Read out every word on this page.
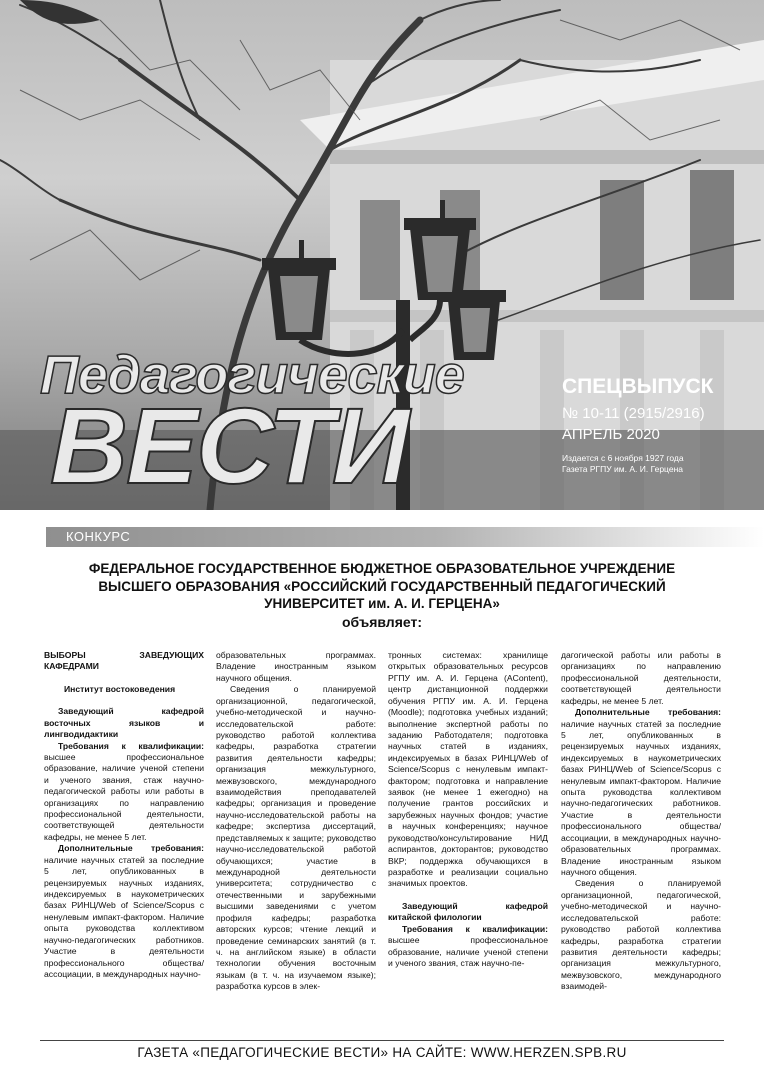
Педагогические
ВЕСТИ	СПЕЦВЫПУСК
№ 10-11 (2915/2916)
АПРЕЛЬ 2020
Издается с 6 ноября 1927 года
Газета РГПУ им. А. И. Герцена
КОНКУРС
ФЕДЕРАЛЬНОЕ ГОСУДАРСТВЕННОЕ БЮДЖЕТНОЕ ОБРАЗОВАТЕЛЬНОЕ УЧРЕЖДЕНИЕ
ВЫСШЕГО ОБРАЗОВАНИЯ «РОССИЙСКИЙ ГОСУДАРСТВЕННЫЙ ПЕДАГОГИЧЕСКИЙ
УНИВЕРСИТЕТ им. А. И. ГЕРЦЕНА»
объявляет:

ВЫБОРЫ ЗАВЕДУЮЩИХ КАФЕДРАМИ

Институт востоковедения

Заведующий кафедрой восточных языков и лингводидактики

Требования к квалификации: высшее профессиональное образование, наличие ученой степени и ученого звания, стаж научно-педагогической работы или работы в организациях по направлению профессиональной деятельности, соответствующей деятельности кафедры, не менее 5 лет.

Дополнительные требования: наличие научных статей за последние 5 лет, опубликованных в рецензируемых научных изданиях, индексируемых в наукометрических базах РИНЦ/Web of Science/Scopus с ненулевым импакт-фактором. Наличие опыта руководства коллективом научно-педагогических работников. Участие в деятельности профессионального общества/ассоциации, в международных научно-

образовательных программах. Владение иностранным языком научного общения.

Сведения о планируемой организационной, педагогической, учебно-методической и научно-исследовательской работе: руководство работой коллектива кафедры, разработка стратегии развития деятельности кафедры; организация межкультурного, межвузовского, международного взаимодействия преподавателей кафедры; организация и проведение научно-исследовательской работы на кафедре; экспертиза диссертаций, представляемых к защите; руководство научно-исследовательской работой обучающихся; участие в международной деятельности университета; сотрудничество с отечественными и зарубежными высшими заведениями с учетом профиля кафедры; разработка авторских курсов; чтение лекций и проведение семинарских занятий (в т. ч. на английском языке) в области технологии обучения восточным языкам (в т. ч. на изучаемом языке); разработка курсов в элек-

тронных системах: хранилище открытых образовательных ресурсов РГПУ им. А. И. Герцена (AContent), центр дистанционной поддержки обучения РГПУ им. А. И. Герцена (Moodle); подготовка учебных изданий; выполнение экспертной работы по заданию Работодателя; подготовка научных статей в изданиях, индексируемых в базах РИНЦ/Web of Science/Scopus с ненулевым импакт-фактором; подготовка и направление заявок (не менее 1 ежегодно) на получение грантов российских и зарубежных научных фондов; участие в научных конференциях; научное руководство/консультирование НИД аспирантов, докторантов; руководство ВКР; поддержка обучающихся в разработке и реализации социально значимых проектов.

Заведующий кафедрой китайской филологии

Требования к квалификации: высшее профессиональное образование, наличие ученой степени и ученого звания, стаж научно-пе-

дагогической работы или работы в организациях по направлению профессиональной деятельности, соответствующей деятельности кафедры, не менее 5 лет.

Дополнительные требования: наличие научных статей за последние 5 лет, опубликованных в рецензируемых научных изданиях, индексируемых в наукометрических базах РИНЦ/Web of Science/Scopus с ненулевым импакт-фактором. Наличие опыта руководства коллективом научно-педагогических работников. Участие в деятельности профессионального общества/ассоциации, в международных научно-образовательных программах. Владение иностранным языком научного общения.

Сведения о планируемой организационной, педагогической, учебно-методической и научно-исследовательской работе: руководство работой коллектива кафедры, разработка стратегии развития деятельности кафедры; организация межкультурного, межвузовского, международного взаимодей-

ГАЗЕТА «ПЕДАГОГИЧЕСКИЕ ВЕСТИ» НА САЙТЕ: WWW.HERZEN.SPB.RU
